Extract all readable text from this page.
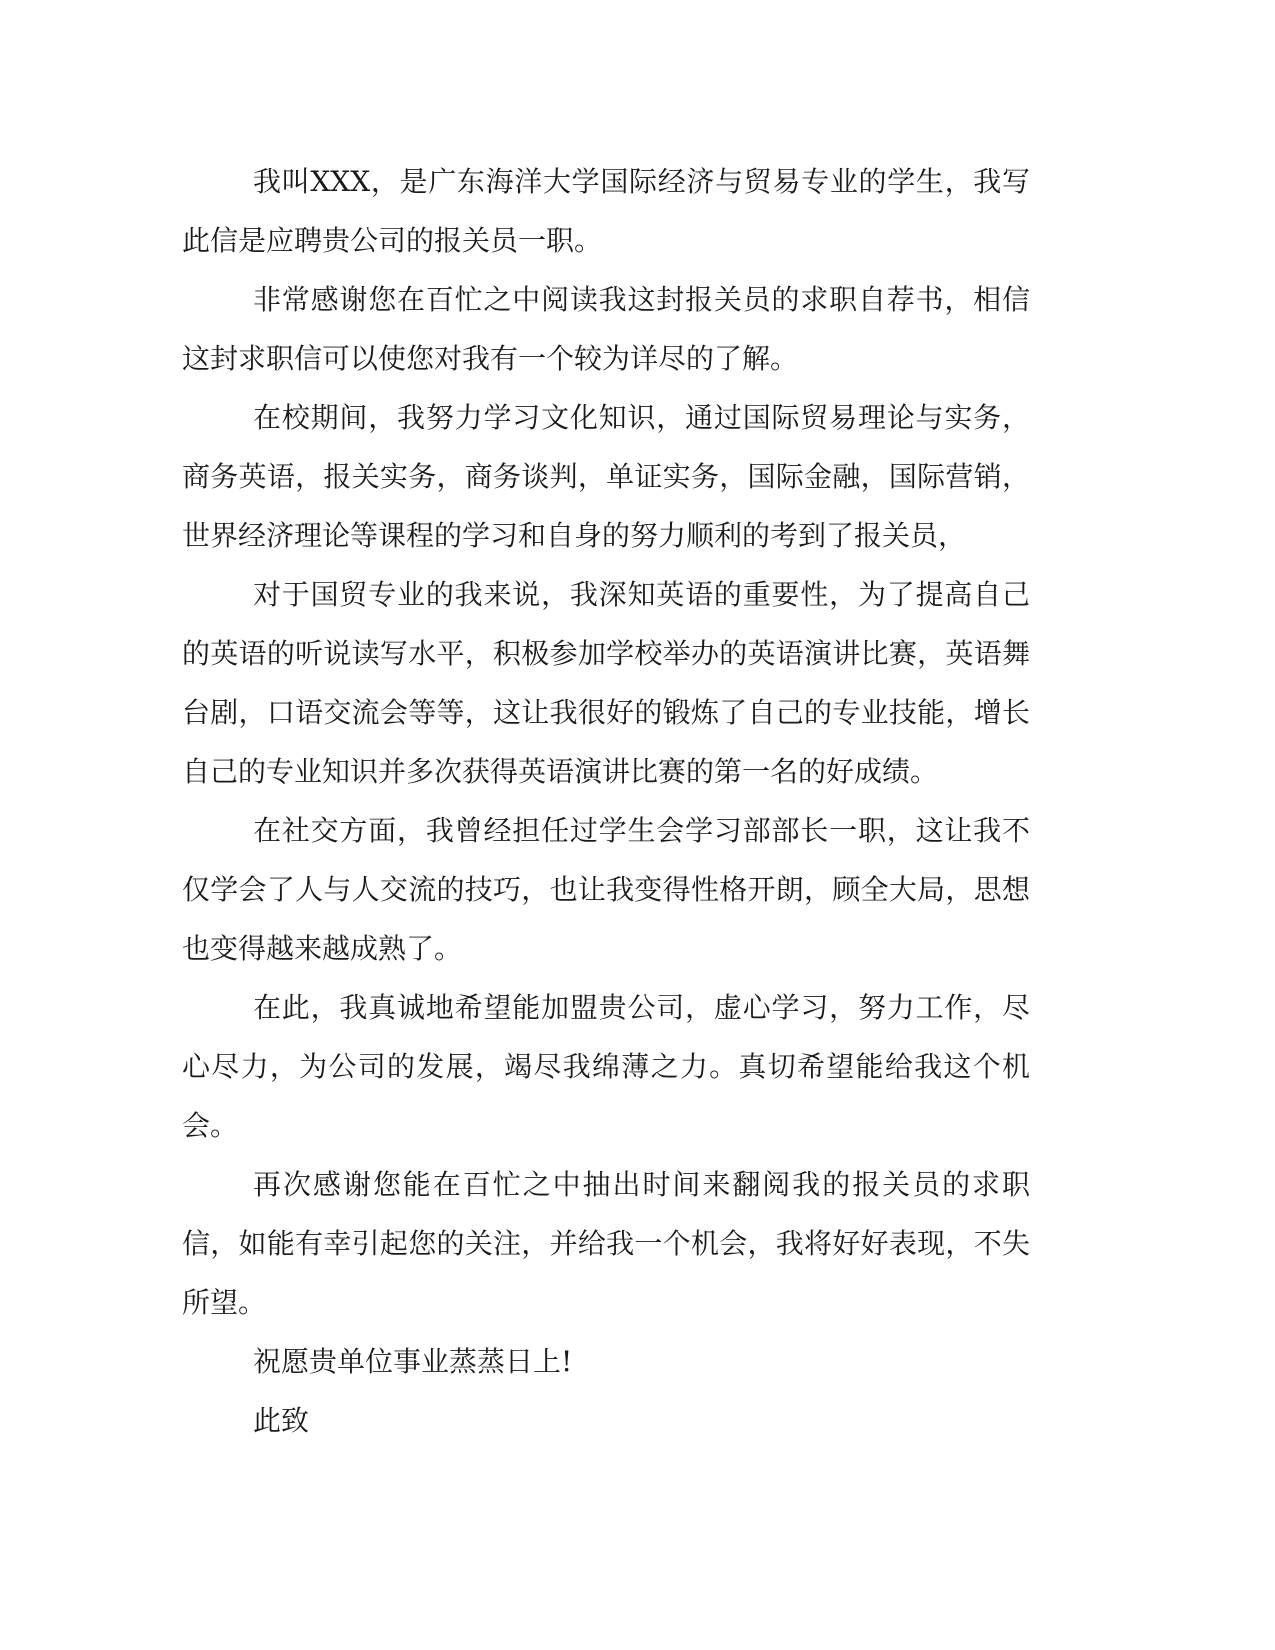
我叫XXX，是广东海洋大学国际经济与贸易专业的学生，我写此信是应聘贵公司的报关员一职。

非常感谢您在百忙之中阅读我这封报关员的求职自荐书，相信这封求职信可以使您对我有一个较为详尽的了解。

在校期间，我努力学习文化知识，通过国际贸易理论与实务，商务英语，报关实务，商务谈判，单证实务，国际金融，国际营销，世界经济理论等课程的学习和自身的努力顺利的考到了报关员，

对于国贸专业的我来说，我深知英语的重要性，为了提高自己的英语的听说读写水平，积极参加学校举办的英语演讲比赛，英语舞台剧，口语交流会等等，这让我很好的锻炼了自己的专业技能，增长自己的专业知识并多次获得英语演讲比赛的第一名的好成绩。

在社交方面，我曾经担任过学生会学习部部长一职，这让我不仅学会了人与人交流的技巧，也让我变得性格开朗，顾全大局，思想也变得越来越成熟了。

在此，我真诚地希望能加盟贵公司，虚心学习，努力工作，尽心尽力，为公司的发展，竭尽我绵薄之力。真切希望能给我这个机会。

再次感谢您能在百忙之中抽出时间来翻阅我的报关员的求职信，如能有幸引起您的关注，并给我一个机会，我将好好表现，不失所望。

祝愿贵单位事业蒸蒸日上!

此致
